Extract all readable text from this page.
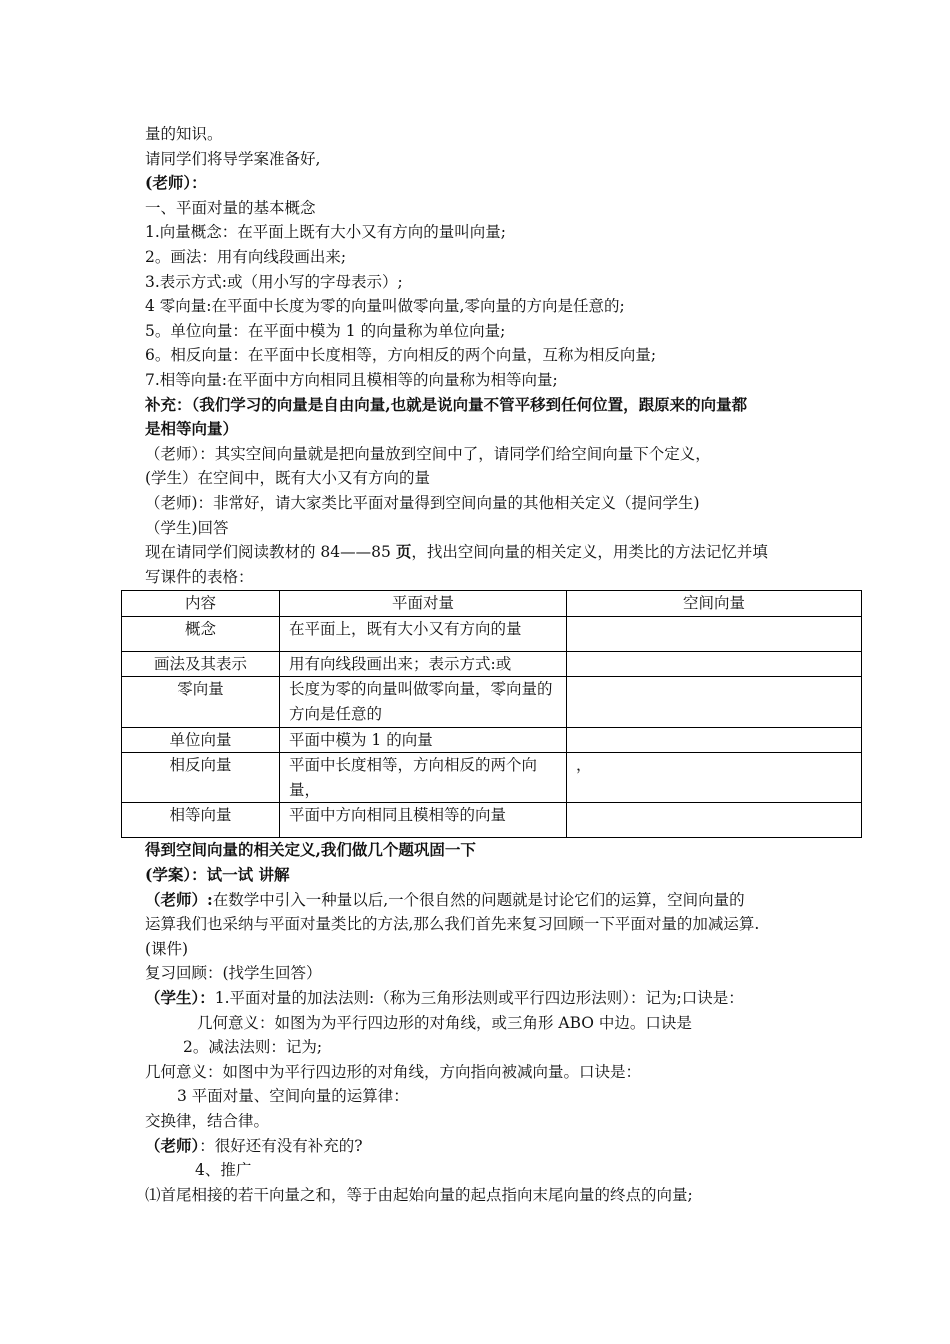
量的知识。
请同学们将导学案准备好,
(老师）：
一、平面对量的基本概念
1.向量概念：在平面上既有大小又有方向的量叫向量;
2。画法：用有向线段画出来;
3.表示方式:或（用小写的字母表示）;
4 零向量:在平面中长度为零的向量叫做零向量,零向量的方向是任意的;
5。单位向量：在平面中模为 1 的向量称为单位向量;
6。相反向量：在平面中长度相等，方向相反的两个向量，互称为相反向量;
7.相等向量:在平面中方向相同且模相等的向量称为相等向量;
补充：（我们学习的向量是自由向量,也就是说向量不管平移到任何位置，跟原来的向量都
是相等向量）
（老师）：其实空间向量就是把向量放到空间中了，请同学们给空间向量下个定义，
(学生）在空间中，既有大小又有方向的量
（老师)：非常好，请大家类比平面对量得到空间向量的其他相关定义（提问学生)
（学生)回答
现在请同学们阅读教材的 84——85 页，找出空间向量的相关定义，用类比的方法记忆并填
写课件的表格：
内容	平面对量	空间向量
概念	在平面上，既有大小又有方向的量	
画法及其表示	用有向线段画出来；表示方式:或	
零向量	长度为零的向量叫做零向量，零向量的方向是任意的	
单位向量	平面中模为 1 的向量	
相反向量	平面中长度相等，方向相反的两个向量，	，
相等向量	平面中方向相同且模相等的向量	
得到空间向量的相关定义,我们做几个题巩固一下
(学案）：试一试 讲解
（老师）:在数学中引入一种量以后,一个很自然的问题就是讨论它们的运算，空间向量的
运算我们也采纳与平面对量类比的方法,那么我们首先来复习回顾一下平面对量的加减运算.
(课件)
复习回顾：(找学生回答）
（学生）：1.平面对量的加法法则:（称为三角形法则或平行四边形法则）：记为;口诀是：
几何意义：如图为为平行四边形的对角线，或三角形 ABO 中边。口诀是
2。减法法则：记为;
几何意义：如图中为平行四边形的对角线，方向指向被减向量。口诀是：
3 平面对量、空间向量的运算律：
交换律，结合律。
（老师）：很好还有没有补充的?
4、推广
⑴首尾相接的若干向量之和，等于由起始向量的起点指向末尾向量的终点的向量;
